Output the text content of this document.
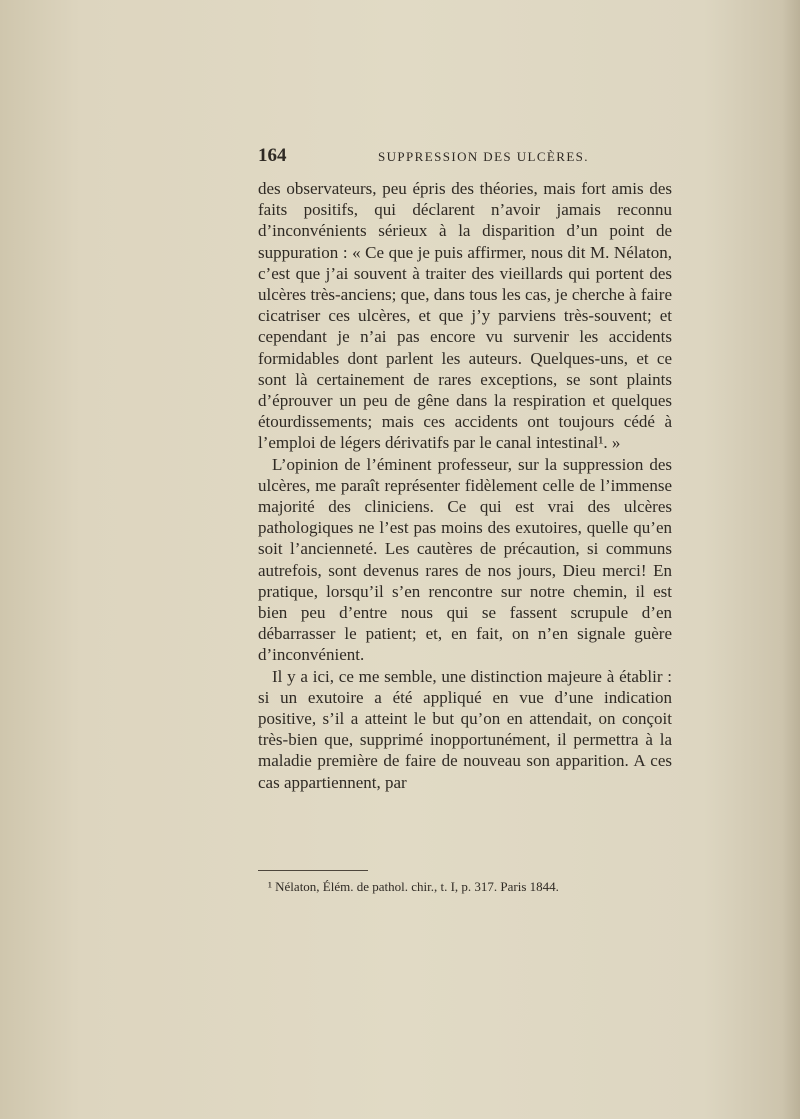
164	SUPPRESSION DES ULCÈRES.

des observateurs, peu épris des théories, mais fort amis des faits positifs, qui déclarent n’avoir jamais reconnu d’inconvénients sérieux à la disparition d’un point de suppuration : « Ce que je puis affirmer, nous dit M. Nélaton, c’est que j’ai souvent à traiter des vieillards qui portent des ulcères très-anciens; que, dans tous les cas, je cherche à faire cicatriser ces ulcères, et que j’y parviens très-souvent; et cependant je n’ai pas encore vu survenir les accidents formidables dont parlent les auteurs. Quelques-uns, et ce sont là certainement de rares exceptions, se sont plaints d’éprouver un peu de gêne dans la respiration et quelques étourdissements; mais ces accidents ont toujours cédé à l’emploi de légers dérivatifs par le canal intestinal¹. »

L’opinion de l’éminent professeur, sur la suppression des ulcères, me paraît représenter fidèlement celle de l’immense majorité des cliniciens. Ce qui est vrai des ulcères pathologiques ne l’est pas moins des exutoires, quelle qu’en soit l’ancienneté. Les cautères de précaution, si communs autrefois, sont devenus rares de nos jours, Dieu merci! En pratique, lorsqu’il s’en rencontre sur notre chemin, il est bien peu d’entre nous qui se fassent scrupule d’en débarrasser le patient; et, en fait, on n’en signale guère d’inconvénient.

Il y a ici, ce me semble, une distinction majeure à établir : si un exutoire a été appliqué en vue d’une indication positive, s’il a atteint le but qu’on en attendait, on conçoit très-bien que, supprimé inopportunément, il permettra à la maladie première de faire de nouveau son apparition. A ces cas appartiennent, par

¹ Nélaton, Élém. de pathol. chir., t. I, p. 317. Paris 1844.
